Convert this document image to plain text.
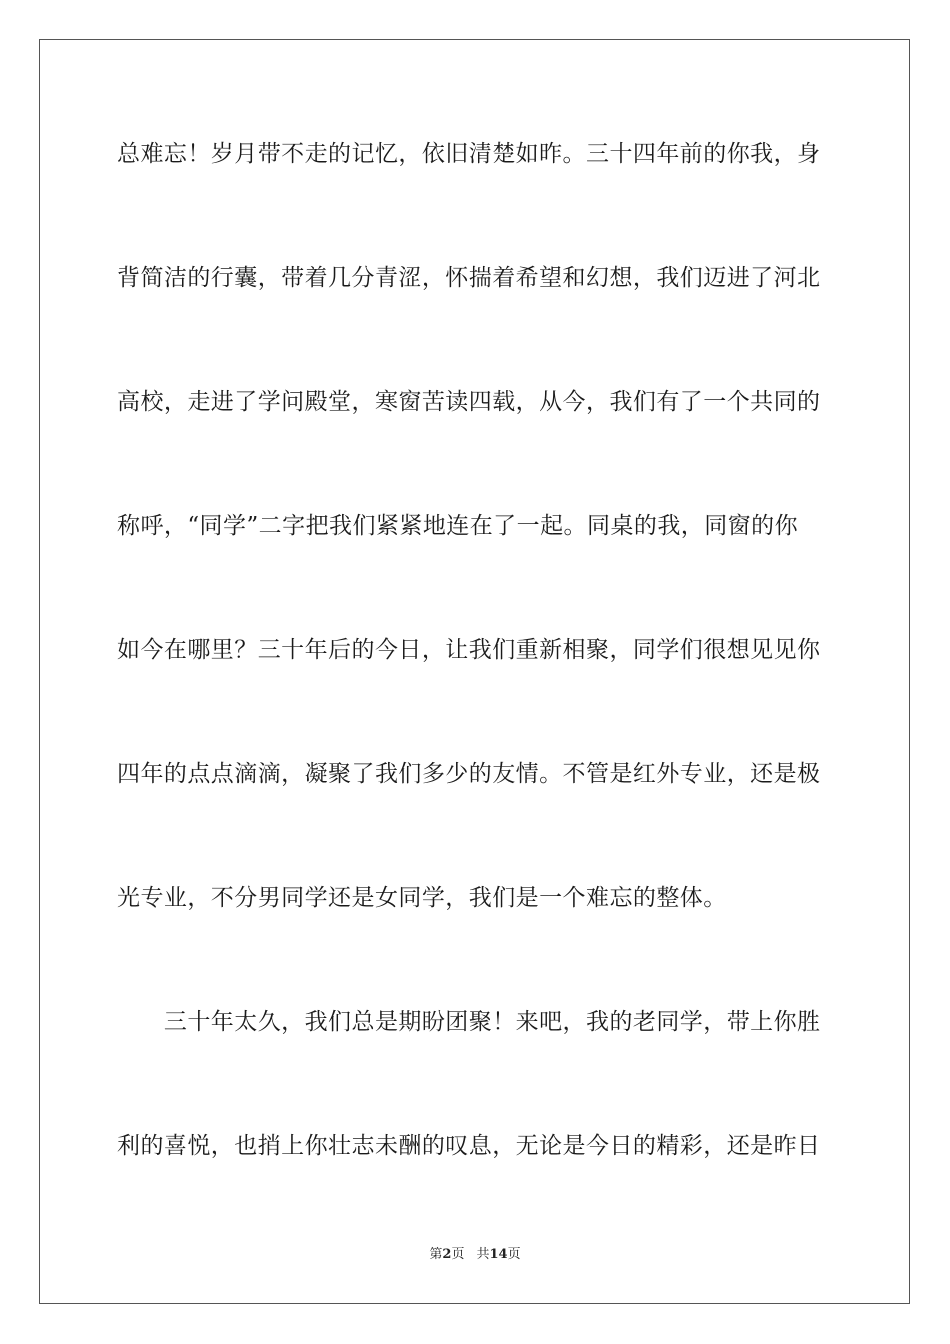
总难忘！岁月带不走的记忆，依旧清楚如昨。三十四年前的你我，身
背简洁的行囊，带着几分青涩，怀揣着希望和幻想，我们迈进了河北
高校，走进了学问殿堂，寒窗苦读四载，从今，我们有了一个共同的
称呼，“同学”二字把我们紧紧地连在了一起。同桌的我，同窗的你
如今在哪里？三十年后的今日，让我们重新相聚，同学们很想见见你
四年的点点滴滴，凝聚了我们多少的友情。不管是红外专业，还是极
光专业，不分男同学还是女同学，我们是一个难忘的整体。
　　三十年太久，我们总是期盼团聚！来吧，我的老同学，带上你胜
利的喜悦，也捎上你壮志未酬的叹息，无论是今日的精彩，还是昨日
第2页 共14页
